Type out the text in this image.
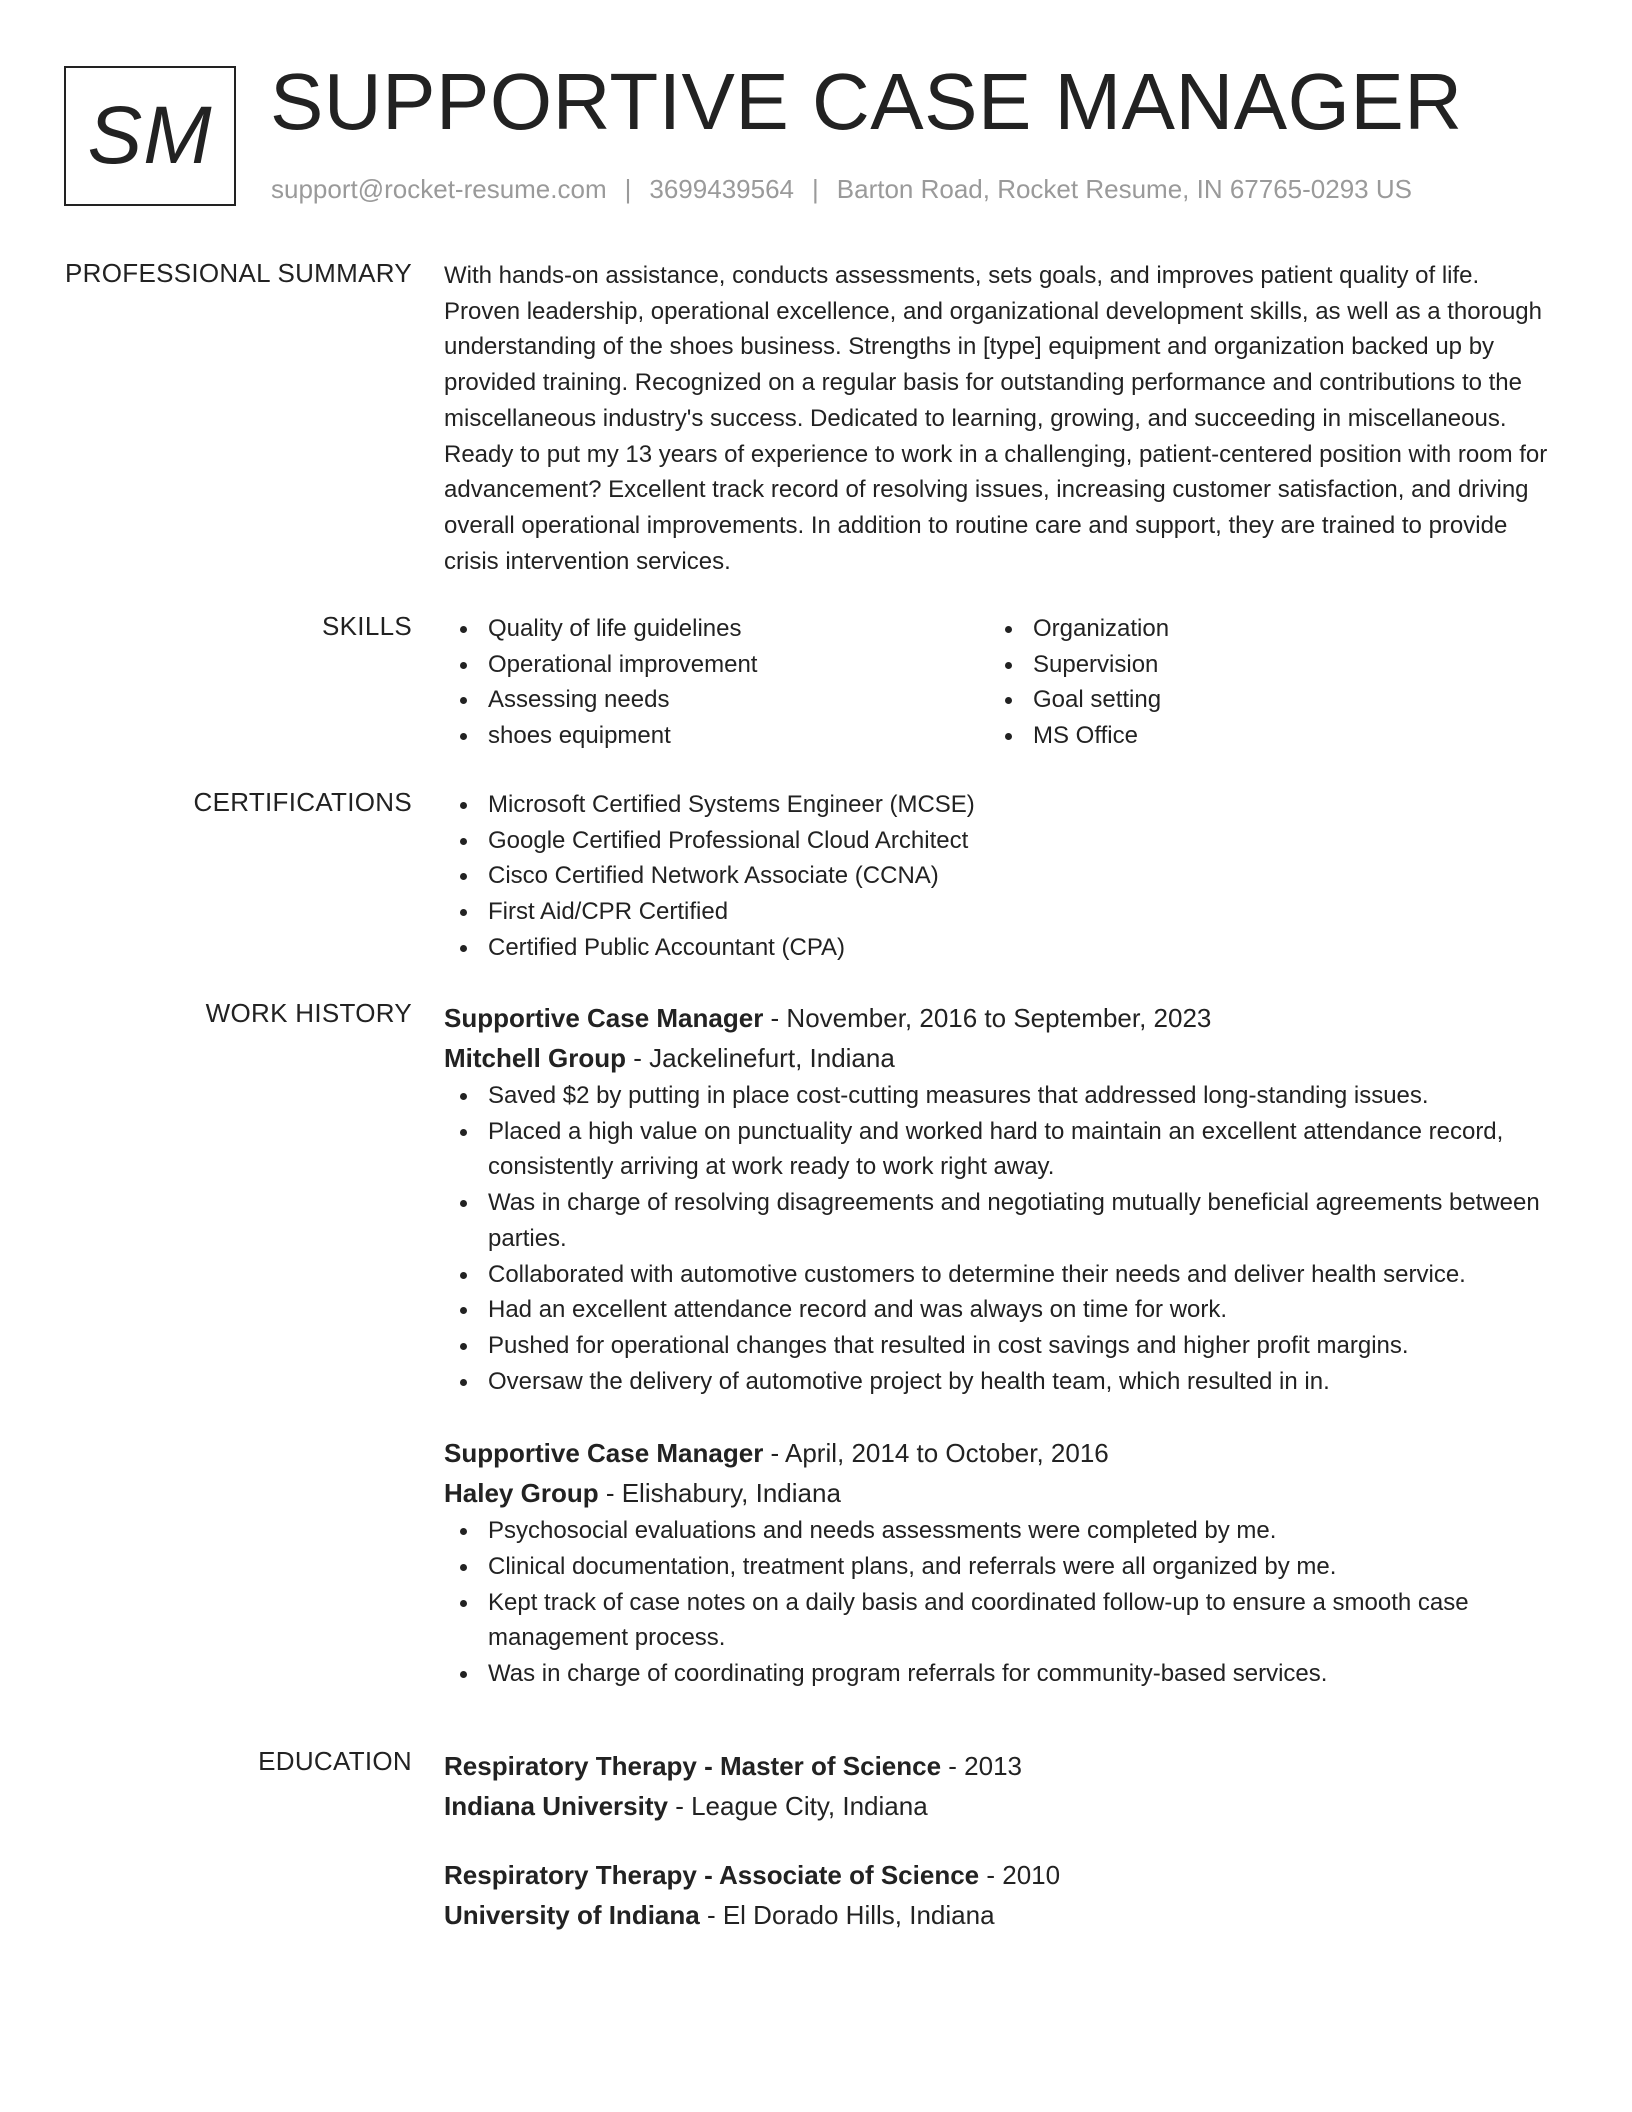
SM SUPPORTIVE CASE MANAGER
support@rocket-resume.com | 3699439564 | Barton Road, Rocket Resume, IN 67765-0293 US
PROFESSIONAL SUMMARY With hands-on assistance, conducts assessments, sets goals, and improves patient quality of life. Proven leadership, operational excellence, and organizational development skills, as well as a thorough understanding of the shoes business. Strengths in [type] equipment and organization backed up by provided training. Recognized on a regular basis for outstanding performance and contributions to the miscellaneous industry's success. Dedicated to learning, growing, and succeeding in miscellaneous. Ready to put my 13 years of experience to work in a challenging, patient-centered position with room for advancement? Excellent track record of resolving issues, increasing customer satisfaction, and driving overall operational improvements. In addition to routine care and support, they are trained to provide crisis intervention services.

SKILLS	Quality of life guidelines
Operational improvement
Assessing needs
shoes equipment
Organization
Supervision
Goal setting
MS Office
CERTIFICATIONS	Microsoft Certified Systems Engineer (MCSE)
Google Certified Professional Cloud Architect
Cisco Certified Network Associate (CCNA)
First Aid/CPR Certified
Certified Public Accountant (CPA)
WORK HISTORY Supportive Case Manager - November, 2016 to September, 2023
Mitchell Group - Jackelinefurt, Indiana
Saved $2 by putting in place cost-cutting measures that addressed long-standing issues.
Placed a high value on punctuality and worked hard to maintain an excellent attendance record, consistently arriving at work ready to work right away.
Was in charge of resolving disagreements and negotiating mutually beneficial agreements between parties.
Collaborated with automotive customers to determine their needs and deliver health service.
Had an excellent attendance record and was always on time for work.
Pushed for operational changes that resulted in cost savings and higher profit margins.
Oversaw the delivery of automotive project by health team, which resulted in in.
Supportive Case Manager - April, 2014 to October, 2016
Haley Group - Elishabury, Indiana
Psychosocial evaluations and needs assessments were completed by me.
Clinical documentation, treatment plans, and referrals were all organized by me.
Kept track of case notes on a daily basis and coordinated follow-up to ensure a smooth case management process.
Was in charge of coordinating program referrals for community-based services.
EDUCATION Respiratory Therapy - Master of Science - 2013
Indiana University - League City, Indiana
Respiratory Therapy - Associate of Science - 2010
University of Indiana - El Dorado Hills, Indiana
